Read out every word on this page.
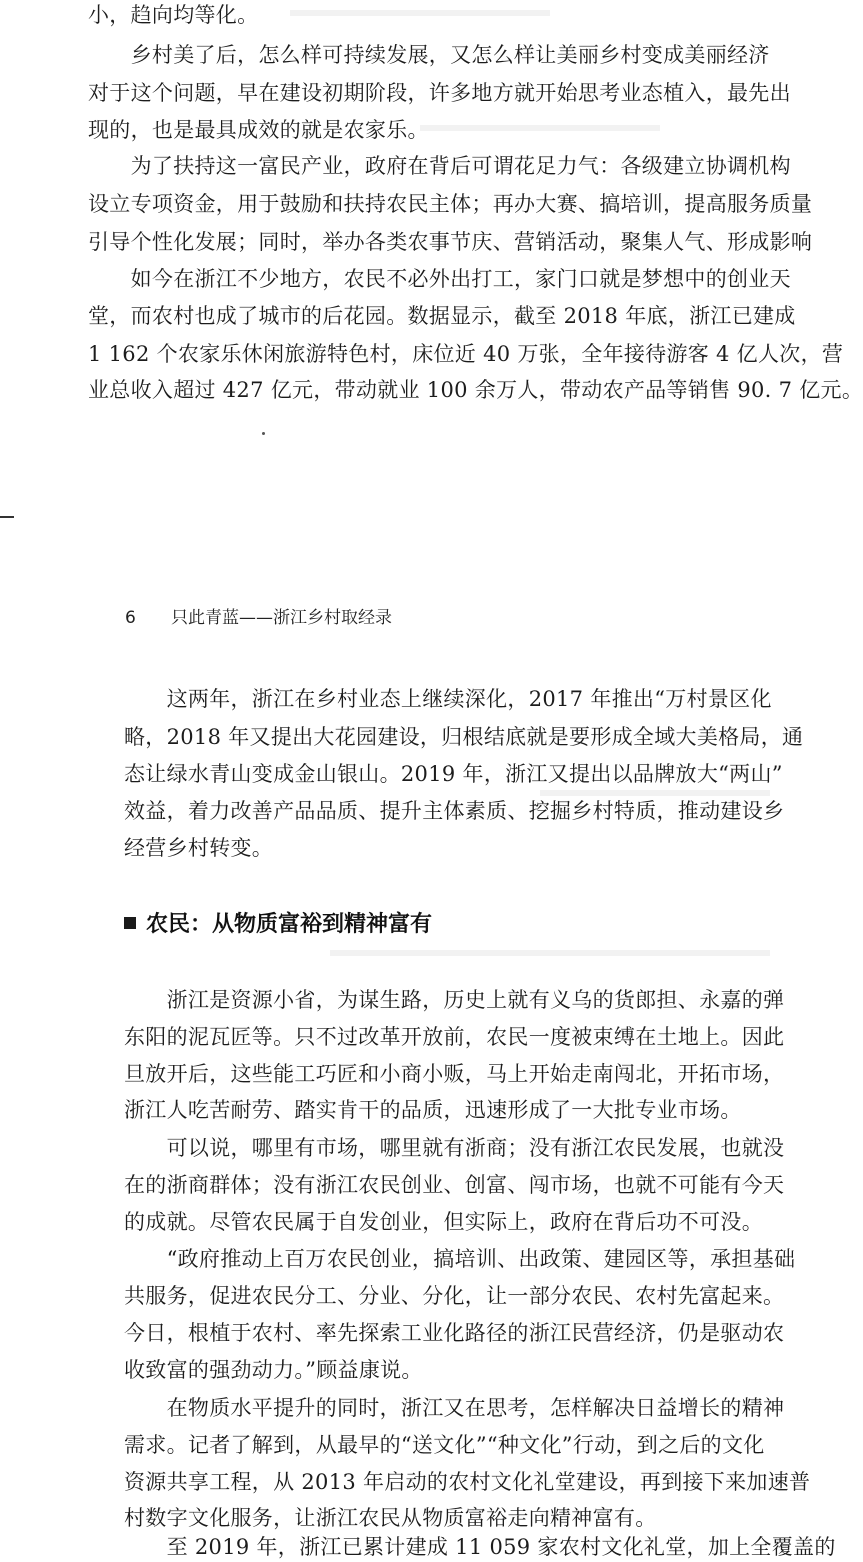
小，趋向均等化。
　　乡村美了后，怎么样可持续发展，又怎么样让美丽乡村变成美丽经济
对于这个问题，早在建设初期阶段，许多地方就开始思考业态植入，最先出
现的，也是最具成效的就是农家乐。
　　为了扶持这一富民产业，政府在背后可谓花足力气：各级建立协调机构
设立专项资金，用于鼓励和扶持农民主体；再办大赛、搞培训，提高服务质量
引导个性化发展；同时，举办各类农事节庆、营销活动，聚集人气、形成影响
　　如今在浙江不少地方，农民不必外出打工，家门口就是梦想中的创业天
堂，而农村也成了城市的后花园。数据显示，截至 2018 年底，浙江已建成
1 162 个农家乐休闲旅游特色村，床位近 40 万张，全年接待游客 4 亿人次，营
业总收入超过 427 亿元，带动就业 100 余万人，带动农产品等销售 90. 7 亿元。
6 只此青蓝——浙江乡村取经录
　　这两年，浙江在乡村业态上继续深化，2017 年推出“万村景区化
略，2018 年又提出大花园建设，归根结底就是要形成全域大美格局，通
态让绿水青山变成金山银山。2019 年，浙江又提出以品牌放大“两山”
效益，着力改善产品品质、提升主体素质、挖掘乡村特质，推动建设乡
经营乡村转变。
农民：从物质富裕到精神富有
　　浙江是资源小省，为谋生路，历史上就有义乌的货郎担、永嘉的弹
东阳的泥瓦匠等。只不过改革开放前，农民一度被束缚在土地上。因此
旦放开后，这些能工巧匠和小商小贩，马上开始走南闯北，开拓市场，
浙江人吃苦耐劳、踏实肯干的品质，迅速形成了一大批专业市场。
　　可以说，哪里有市场，哪里就有浙商；没有浙江农民发展，也就没
在的浙商群体；没有浙江农民创业、创富、闯市场，也就不可能有今天
的成就。尽管农民属于自发创业，但实际上，政府在背后功不可没。
　　“政府推动上百万农民创业，搞培训、出政策、建园区等，承担基础
共服务，促进农民分工、分业、分化，让一部分农民、农村先富起来。
今日，根植于农村、率先探索工业化路径的浙江民营经济，仍是驱动农
收致富的强劲动力。”顾益康说。
　　在物质水平提升的同时，浙江又在思考，怎样解决日益增长的精神
需求。记者了解到，从最早的“送文化”“种文化”行动，到之后的文化
资源共享工程，从 2013 年启动的农村文化礼堂建设，再到接下来加速普
村数字文化服务，让浙江农民从物质富裕走向精神富有。
　　至 2019 年，浙江已累计建成 11 059 家农村文化礼堂，加上全覆盖的
